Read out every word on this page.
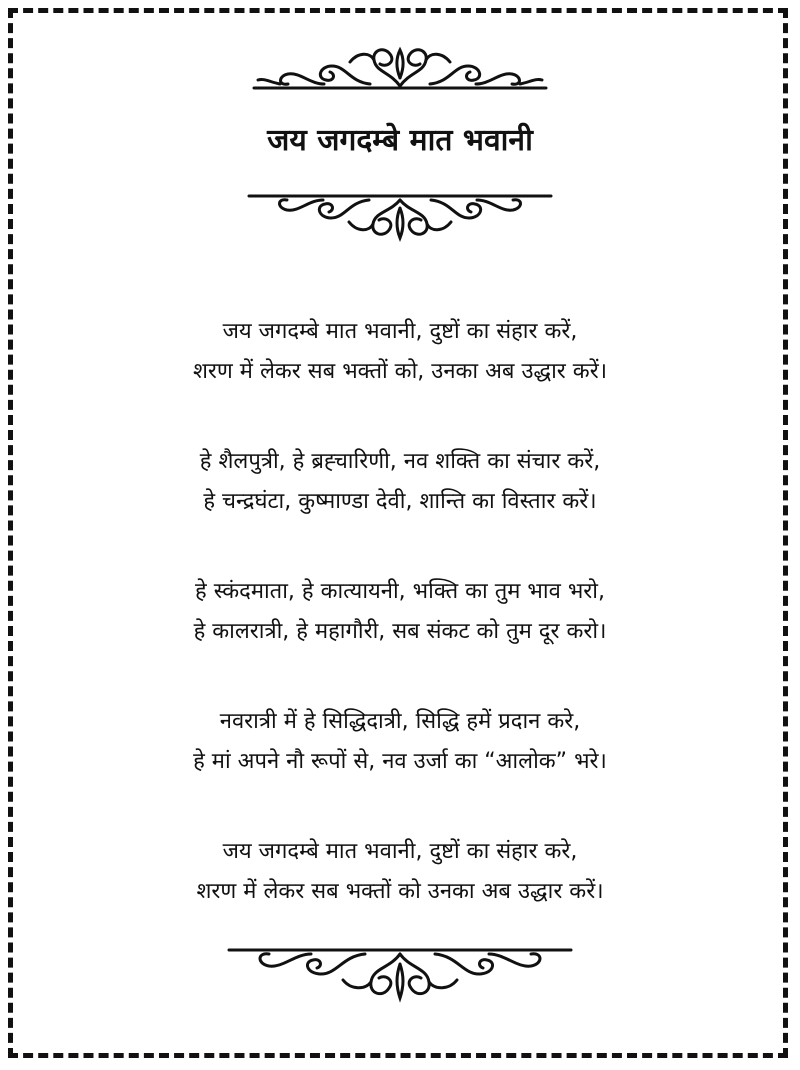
जय जगदम्बे मात भवानी
जय जगदम्बे मात भवानी, दुष्टों का संहार करें,
शरण में लेकर सब भक्तों को, उनका अब उद्धार करें।
हे शैलपुत्री, हे ब्रह्चारिणी, नव शक्ति का संचार करें,
हे चन्द्रघंटा, कुष्माण्डा देवी, शान्ति का विस्तार करें।
हे स्कंदमाता, हे कात्यायनी, भक्ति का तुम भाव भरो,
हे कालरात्री, हे महागौरी, सब संकट को तुम दूर करो।
नवरात्री में हे सिद्धिदात्री, सिद्धि हमें प्रदान करे,
हे मां अपने नौ रूपों से, नव उर्जा का “आलोक” भरे।
जय जगदम्बे मात भवानी, दुष्टों का संहार करे,
शरण में लेकर सब भक्तों को उनका अब उद्धार करें।
